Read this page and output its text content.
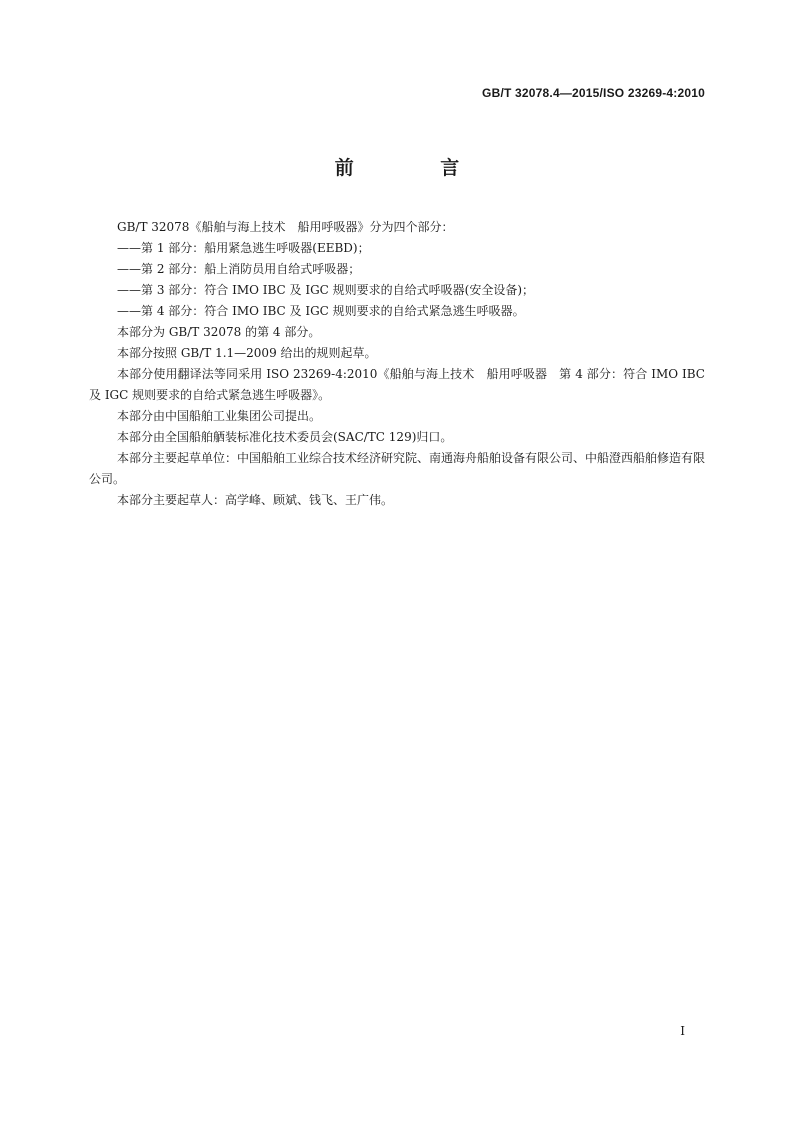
GB/T 32078.4—2015/ISO 23269-4:2010
前 言

GB/T 32078《船舶与海上技术　船用呼吸器》分为四个部分：

——第 1 部分：船用紧急逃生呼吸器(EEBD)；

——第 2 部分：船上消防员用自给式呼吸器；

——第 3 部分：符合 IMO IBC 及 IGC 规则要求的自给式呼吸器(安全设备)；

——第 4 部分：符合 IMO IBC 及 IGC 规则要求的自给式紧急逃生呼吸器。

本部分为 GB/T 32078 的第 4 部分。

本部分按照 GB/T 1.1—2009 给出的规则起草。

本部分使用翻译法等同采用 ISO 23269-4:2010《船舶与海上技术　船用呼吸器　第 4 部分：符合 IMO IBC 及 IGC 规则要求的自给式紧急逃生呼吸器》。

本部分由中国船舶工业集团公司提出。

本部分由全国船舶舾装标准化技术委员会(SAC/TC 129)归口。

本部分主要起草单位：中国船舶工业综合技术经济研究院、南通海舟船舶设备有限公司、中船澄西船舶修造有限公司。

本部分主要起草人：高学峰、顾斌、钱飞、王广伟。

I
